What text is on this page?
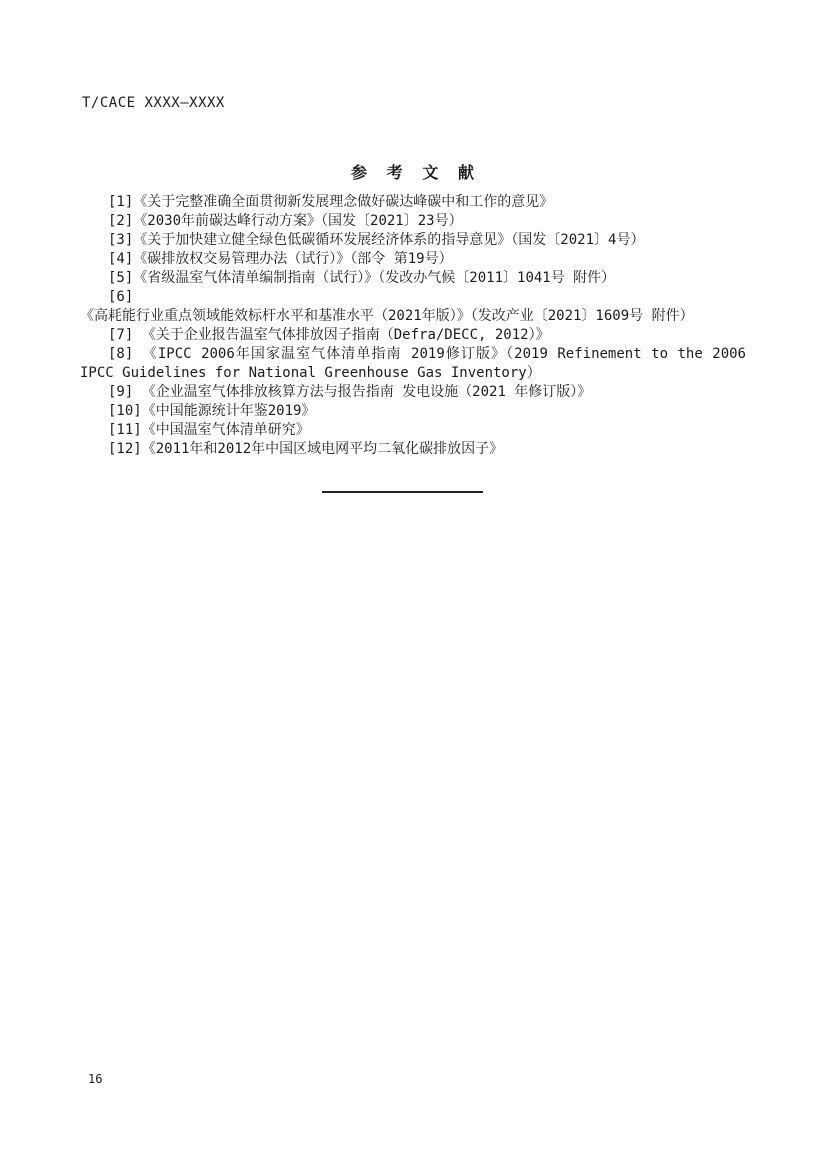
T/CACE XXXX—XXXX
参 考 文 献

[1]《关于完整准确全面贯彻新发展理念做好碳达峰碳中和工作的意见》

[2]《2030年前碳达峰行动方案》（国发〔2021〕23号）

[3]《关于加快建立健全绿色低碳循环发展经济体系的指导意见》（国发〔2021〕4号）

[4]《碳排放权交易管理办法（试行）》（部令 第19号）

[5]《省级温室气体清单编制指南（试行）》（发改办气候〔2011〕1041号 附件）

[6]《高耗能行业重点领域能效标杆水平和基准水平（2021年版）》（发改产业〔2021〕1609号 附件）

[7] 《关于企业报告温室气体排放因子指南（Defra/DECC, 2012）》

[8] 《IPCC 2006年国家温室气体清单指南 2019修订版》（2019 Refinement to the 2006 IPCC Guidelines for National Greenhouse Gas Inventory）

[9] 《企业温室气体排放核算方法与报告指南 发电设施（2021 年修订版）》

[10]《中国能源统计年鉴2019》

[11]《中国温室气体清单研究》

[12]《2011年和2012年中国区域电网平均二氧化碳排放因子》

16
